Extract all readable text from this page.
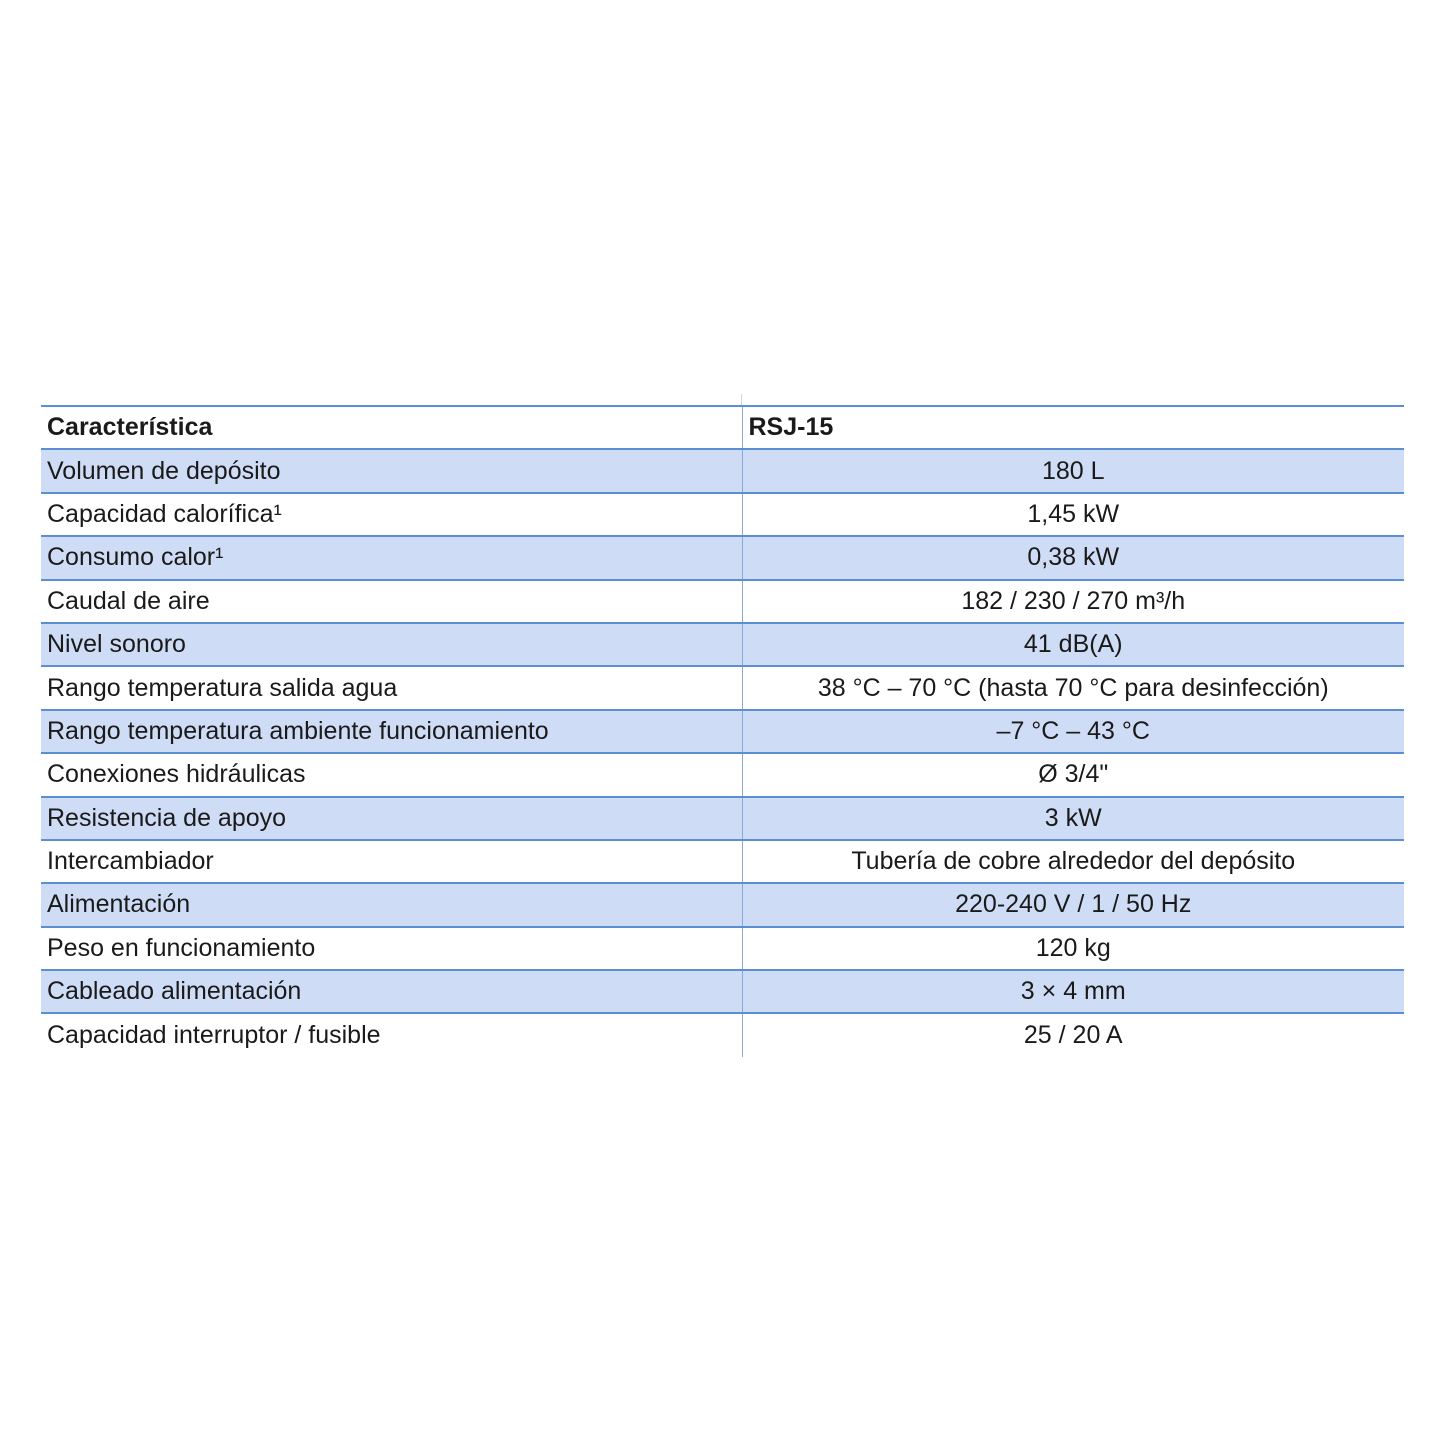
Característica	RSJ-15
Volumen de depósito	180 L
Capacidad calorífica¹	1,45 kW
Consumo calor¹	0,38 kW
Caudal de aire	182 / 230 / 270 m³/h
Nivel sonoro	41 dB(A)
Rango temperatura salida agua	38 °C – 70 °C (hasta 70 °C para desinfección)
Rango temperatura ambiente funcionamiento	–7 °C – 43 °C
Conexiones hidráulicas	Ø 3/4"
Resistencia de apoyo	3 kW
Intercambiador	Tubería de cobre alrededor del depósito
Alimentación	220-240 V / 1 / 50 Hz
Peso en funcionamiento	120 kg
Cableado alimentación	3 × 4 mm
Capacidad interruptor / fusible	25 / 20 A
